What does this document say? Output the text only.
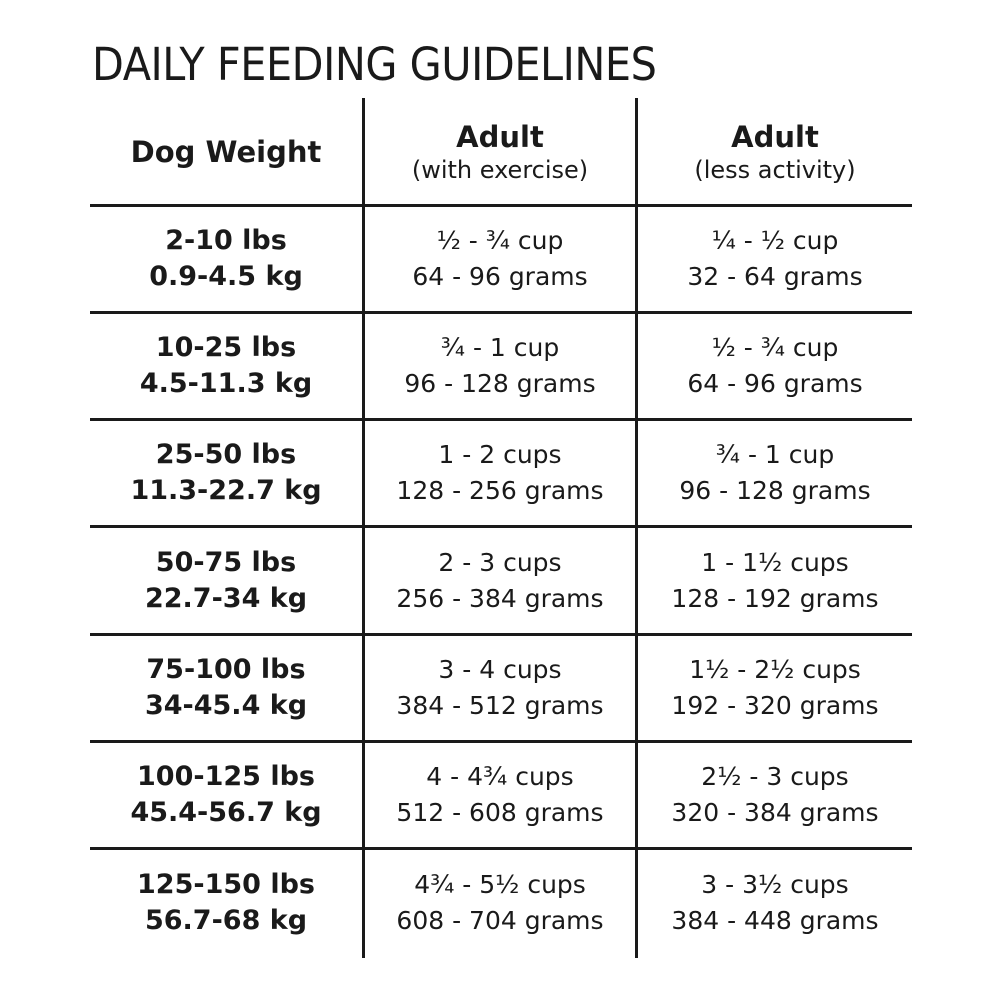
DAILY FEEDING GUIDELINES
Dog Weight	Adult
(with exercise)
Adult
(less activity)
2-10 lbs
0.9-4.5 kg
½ - ¾ cup
64 - 96 grams
¼ - ½ cup
32 - 64 grams
10-25 lbs
4.5-11.3 kg
¾ - 1 cup
96 - 128 grams
½ - ¾ cup
64 - 96 grams
25-50 lbs
11.3-22.7 kg
1 - 2 cups
128 - 256 grams
¾ - 1 cup
96 - 128 grams
50-75 lbs
22.7-34 kg
2 - 3 cups
256 - 384 grams
1 - 1½ cups
128 - 192 grams
75-100 lbs
34-45.4 kg
3 - 4 cups
384 - 512 grams
1½ - 2½ cups
192 - 320 grams
100-125 lbs
45.4-56.7 kg
4 - 4¾ cups
512 - 608 grams
2½ - 3 cups
320 - 384 grams
125-150 lbs
56.7-68 kg
4¾ - 5½ cups
608 - 704 grams
3 - 3½ cups
384 - 448 grams
